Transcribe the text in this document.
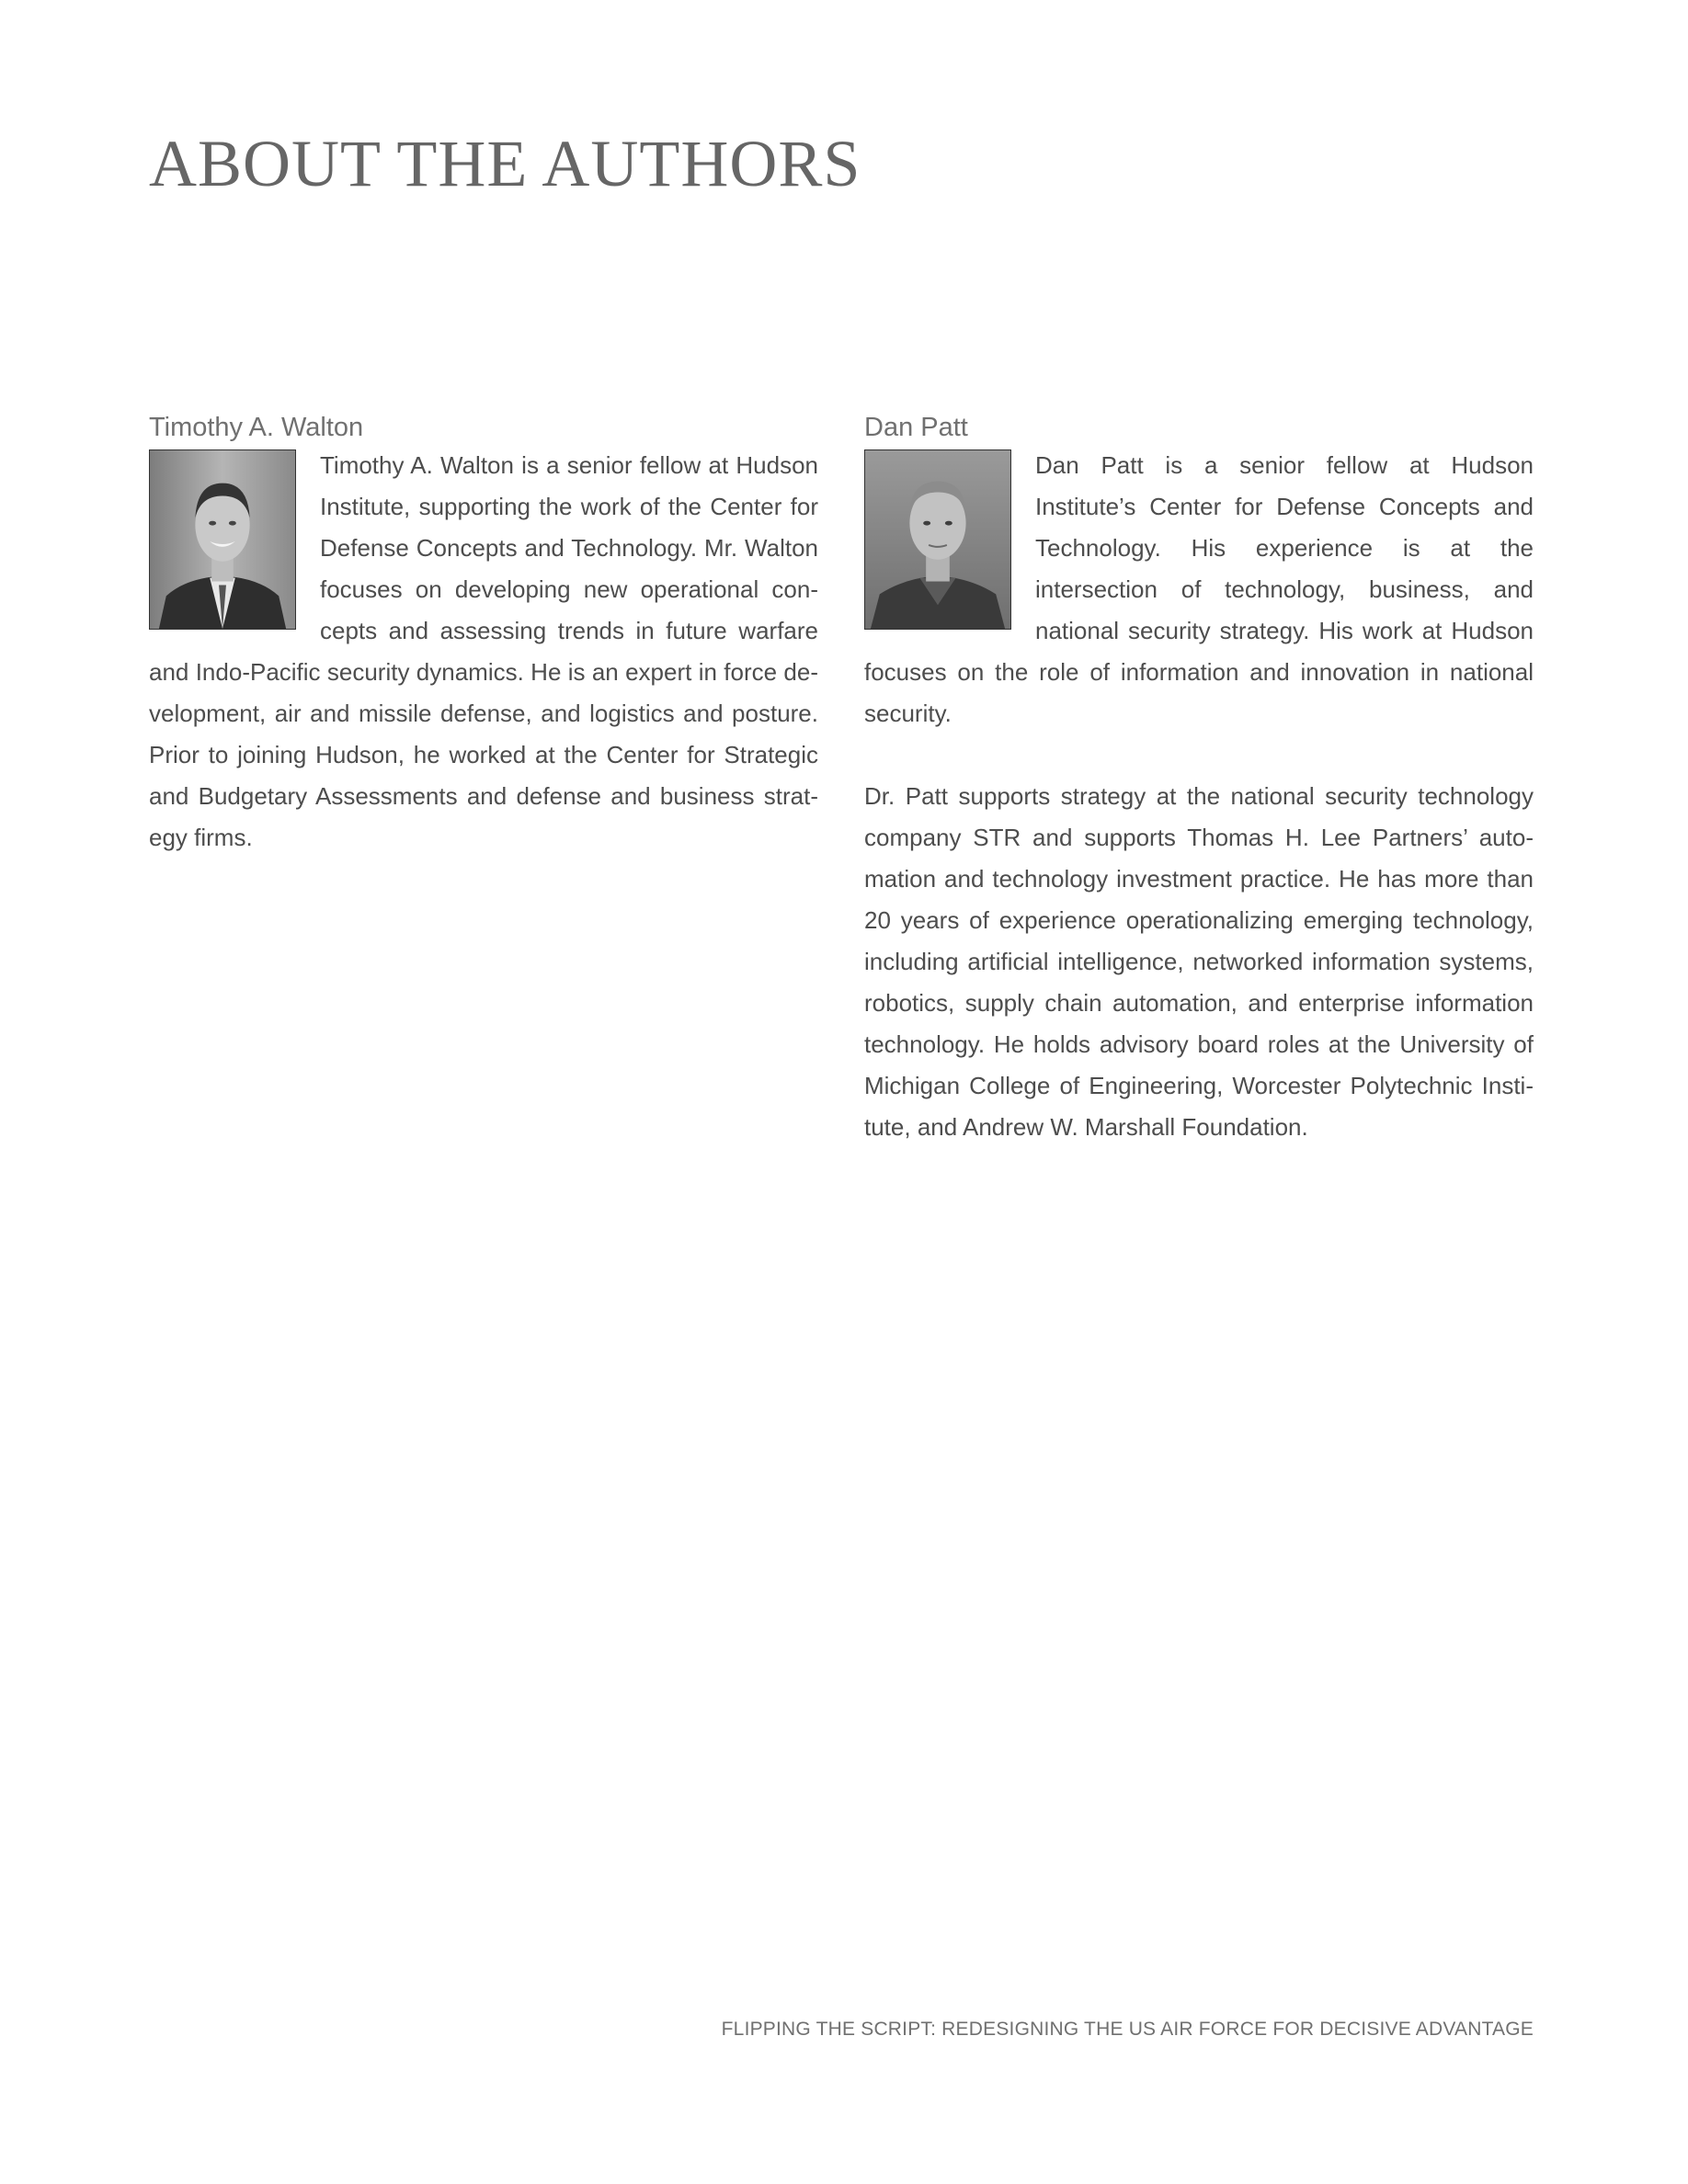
ABOUT THE AUTHORS
Timothy A. Walton

Timothy A. Walton is a senior fellow at Hudson Institute, supporting the work of the Center for Defense Concepts and Technology. Mr. Walton focuses on developing new operational concepts and assessing trends in future warfare and Indo-Pacific security dynamics. He is an expert in force development, air and missile defense, and logistics and posture. Prior to joining Hudson, he worked at the Center for Strategic and Budgetary Assessments and defense and business strategy firms.

Dan Patt

Dan Patt is a senior fellow at Hudson Institute’s Center for Defense Concepts and Technology. His experience is at the intersection of technology, business, and national security strategy. His work at Hudson focuses on the role of information and innovation in national security.

Dr. Patt supports strategy at the national security technology company STR and supports Thomas H. Lee Partners’ automation and technology investment practice. He has more than 20 years of experience operationalizing emerging technology, including artificial intelligence, networked information systems, robotics, supply chain automation, and enterprise information technology. He holds advisory board roles at the University of Michigan College of Engineering, Worcester Polytechnic Institute, and Andrew W. Marshall Foundation.

FLIPPING THE SCRIPT: REDESIGNING THE US AIR FORCE FOR DECISIVE ADVANTAGE
